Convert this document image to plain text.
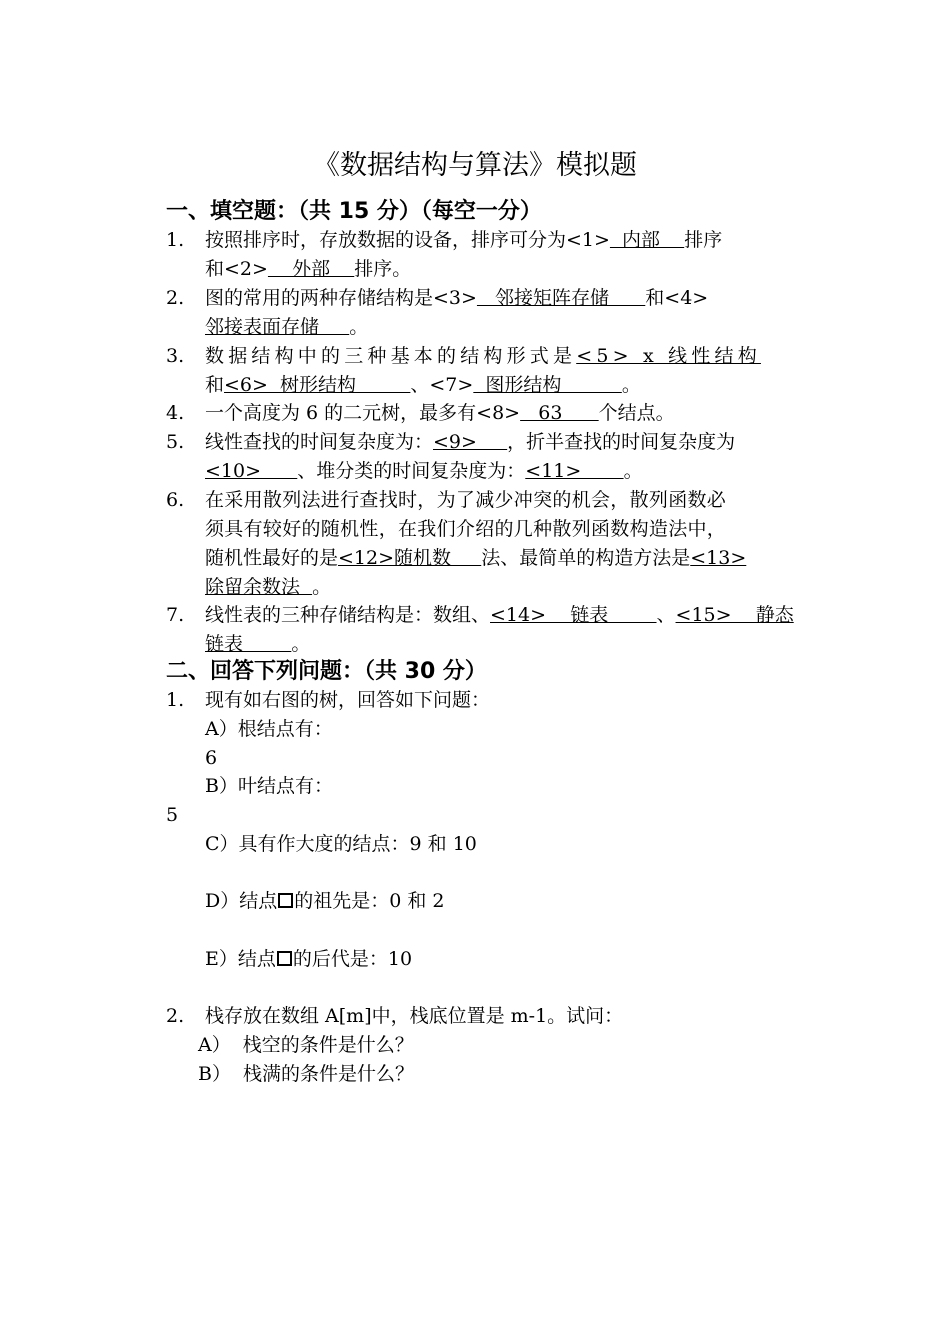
《数据结构与算法》模拟题
一、填空题：（共 15 分）（每空一分）
1. 按照排序时，存放数据的设备，排序可分为<1>  内部    排序
和<2>    外部    排序。
2. 图的常用的两种存储结构是<3>   邻接矩阵存储      和<4>
邻接表面存储     。
3. 数据结构中的三种基本的结构形式是<5> x 线性结构
和<6>  树形结构         、<7>  图形结构          。
4. 一个高度为 6 的二元树，最多有<8>   63      个结点。
5. 线性查找的时间复杂度为：<9>     ，折半查找的时间复杂度为
<10>      、堆分类的时间复杂度为：<11>       。
6. 在采用散列法进行查找时，为了减少冲突的机会，散列函数必
须具有较好的随机性，在我们介绍的几种散列函数构造法中，
随机性最好的是<12>随机数     法、最简单的构造方法是<13>
除留余数法  。
7. 线性表的三种存储结构是：数组、<14>    链表        、<15>    静态
链表        。
二、回答下列问题：（共 30 分）
1. 现有如右图的树，回答如下问题：
A）根结点有：
6
B）叶结点有：
5
C）具有作大度的结点：9 和 10
D）结点 的祖先是：0 和 2
E）结点 的后代是：10
2. 栈存放在数组 A[m]中，栈底位置是 m-1。试问：
A） 栈空的条件是什么？
B） 栈满的条件是什么？
